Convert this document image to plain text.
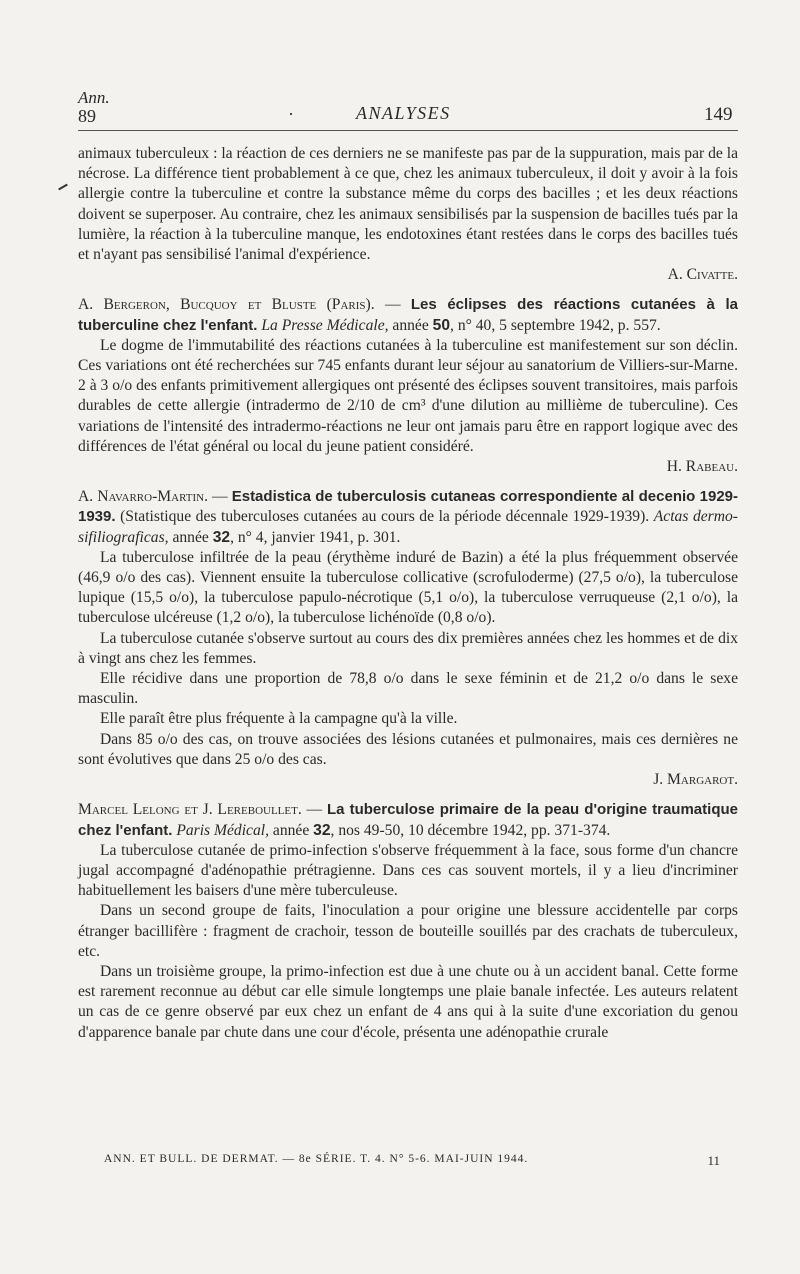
Ann.
89	·	ANALYSES	149

animaux tuberculeux : la réaction de ces derniers ne se manifeste pas par de la suppuration, mais par de la nécrose. La différence tient probablement à ce que, chez les animaux tuberculeux, il doit y avoir à la fois allergie contre la tuberculine et contre la substance même du corps des bacilles ; et les deux réactions doivent se superposer. Au contraire, chez les animaux sensibilisés par la suspension de bacilles tués par la lumière, la réaction à la tuberculine manque, les endotoxines étant restées dans le corps des bacilles tués et n'ayant pas sensibilisé l'animal d'expérience.

A. Civatte.

A. Bergeron, Bucquoy et Bluste (Paris). — Les éclipses des réactions cutanées à la tuberculine chez l'enfant. La Presse Médicale, année 50, n° 40, 5 septembre 1942, p. 557.

Le dogme de l'immutabilité des réactions cutanées à la tuberculine est manifestement sur son déclin. Ces variations ont été recherchées sur 745 enfants durant leur séjour au sanatorium de Villiers-sur-Marne. 2 à 3 o/o des enfants primitivement allergiques ont présenté des éclipses souvent transitoires, mais parfois durables de cette allergie (intradermo de 2/10 de cm³ d'une dilution au millième de tuberculine). Ces variations de l'intensité des intradermo-réactions ne leur ont jamais paru être en rapport logique avec des différences de l'état général ou local du jeune patient considéré.

H. Rabeau.

A. Navarro-Martin. — Estadistica de tuberculosis cutaneas correspondiente al decenio 1929-1939. (Statistique des tuberculoses cutanées au cours de la période décennale 1929-1939). Actas dermo-sifiliograficas, année 32, n° 4, janvier 1941, p. 301.

La tuberculose infiltrée de la peau (érythème induré de Bazin) a été la plus fréquemment observée (46,9 o/o des cas). Viennent ensuite la tuberculose collicative (scrofuloderme) (27,5 o/o), la tuberculose lupique (15,5 o/o), la tuberculose papulo-nécrotique (5,1 o/o), la tuberculose verruqueuse (2,1 o/o), la tuberculose ulcéreuse (1,2 o/o), la tuberculose lichénoïde (0,8 o/o).

La tuberculose cutanée s'observe surtout au cours des dix premières années chez les hommes et de dix à vingt ans chez les femmes.

Elle récidive dans une proportion de 78,8 o/o dans le sexe féminin et de 21,2 o/o dans le sexe masculin.

Elle paraît être plus fréquente à la campagne qu'à la ville.

Dans 85 o/o des cas, on trouve associées des lésions cutanées et pulmonaires, mais ces dernières ne sont évolutives que dans 25 o/o des cas.

J. Margarot.

Marcel Lelong et J. Lereboullet. — La tuberculose primaire de la peau d'origine traumatique chez l'enfant. Paris Médical, année 32, nos 49-50, 10 décembre 1942, pp. 371-374.

La tuberculose cutanée de primo-infection s'observe fréquemment à la face, sous forme d'un chancre jugal accompagné d'adénopathie prétragienne. Dans ces cas souvent mortels, il y a lieu d'incriminer habituellement les baisers d'une mère tuberculeuse.

Dans un second groupe de faits, l'inoculation a pour origine une blessure accidentelle par corps étranger bacillifère : fragment de crachoir, tesson de bouteille souillés par des crachats de tuberculeux, etc.

Dans un troisième groupe, la primo-infection est due à une chute ou à un accident banal. Cette forme est rarement reconnue au début car elle simule longtemps une plaie banale infectée. Les auteurs relatent un cas de ce genre observé par eux chez un enfant de 4 ans qui à la suite d'une excoriation du genou d'apparence banale par chute dans une cour d'école, présenta une adénopathie crurale

ANN. ET BULL. DE DERMAT. — 8e SÉRIE. T. 4. N° 5-6. MAI-JUIN 1944.	11
